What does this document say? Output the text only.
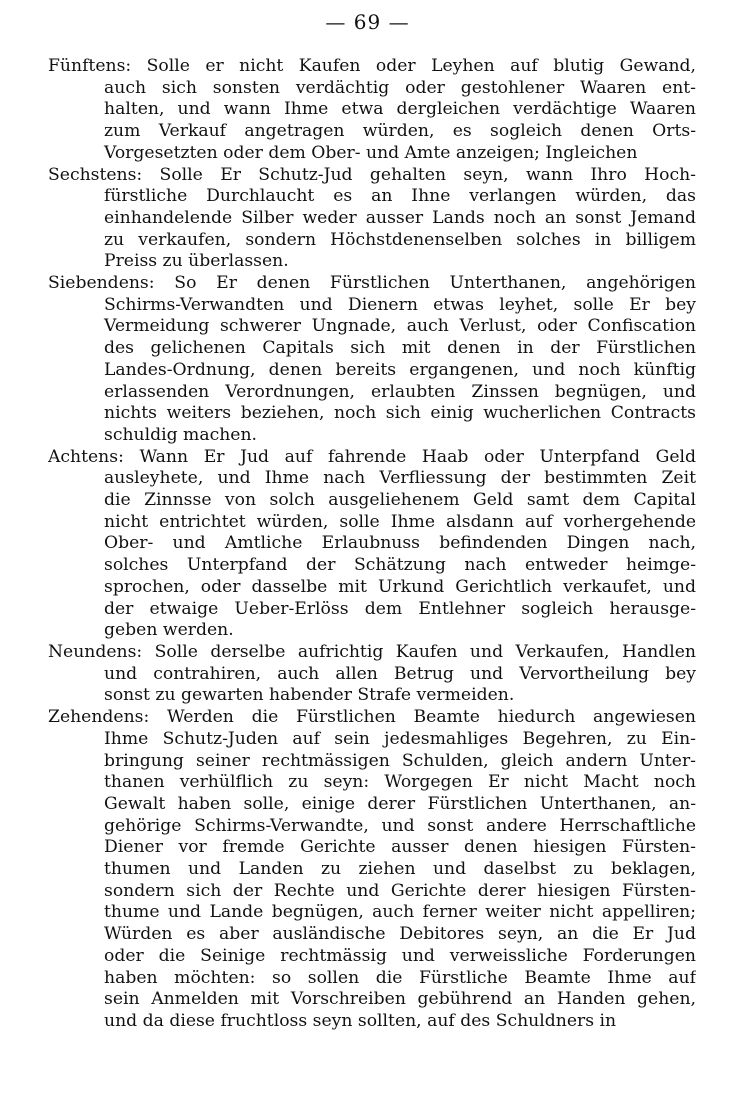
— 69 —
Fünftens: Solle er nicht Kaufen oder Leyhen auf blutig Gewand,
auch sich sonsten verdächtig oder gestohlener Waaren ent-
halten, und wann Ihme etwa dergleichen verdächtige Waaren
zum Verkauf angetragen würden, es sogleich denen Orts-
Vorgesetzten oder dem Ober- und Amte anzeigen; Ingleichen
Sechstens: Solle Er Schutz-Jud gehalten seyn, wann Ihro Hoch-
fürstliche Durchlaucht es an Ihne verlangen würden, das
einhandelende Silber weder ausser Lands noch an sonst Jemand
zu verkaufen, sondern Höchstdenenselben solches in billigem
Preiss zu überlassen.
Siebendens: So Er denen Fürstlichen Unterthanen, angehörigen
Schirms-Verwandten und Dienern etwas leyhet, solle Er bey
Vermeidung schwerer Ungnade, auch Verlust, oder Confiscation
des gelichenen Capitals sich mit denen in der Fürstlichen
Landes-Ordnung, denen bereits ergangenen, und noch künftig
erlassenden Verordnungen, erlaubten Zinssen begnügen, und
nichts weiters beziehen, noch sich einig wucherlichen Contracts
schuldig machen.
Achtens: Wann Er Jud auf fahrende Haab oder Unterpfand Geld
ausleyhete, und Ihme nach Verfliessung der bestimmten Zeit
die Zinnsse von solch ausgeliehenem Geld samt dem Capital
nicht entrichtet würden, solle Ihme alsdann auf vorhergehende
Ober- und Amtliche Erlaubnuss befindenden Dingen nach,
solches Unterpfand der Schätzung nach entweder heimge-
sprochen, oder dasselbe mit Urkund Gerichtlich verkaufet, und
der etwaige Ueber-Erlöss dem Entlehner sogleich herausge-
geben werden.
Neundens: Solle derselbe aufrichtig Kaufen und Verkaufen, Handlen
und contrahiren, auch allen Betrug und Vervortheilung bey
sonst zu gewarten habender Strafe vermeiden.
Zehendens: Werden die Fürstlichen Beamte hiedurch angewiesen
Ihme Schutz-Juden auf sein jedesmahliges Begehren, zu Ein-
bringung seiner rechtmässigen Schulden, gleich andern Unter-
thanen verhülflich zu seyn: Worgegen Er nicht Macht noch
Gewalt haben solle, einige derer Fürstlichen Unterthanen, an-
gehörige Schirms-Verwandte, und sonst andere Herrschaftliche
Diener vor fremde Gerichte ausser denen hiesigen Fürsten-
thumen und Landen zu ziehen und daselbst zu beklagen,
sondern sich der Rechte und Gerichte derer hiesigen Fürsten-
thume und Lande begnügen, auch ferner weiter nicht appelliren;
Würden es aber ausländische Debitores seyn, an die Er Jud
oder die Seinige rechtmässig und verweissliche Forderungen
haben möchten: so sollen die Fürstliche Beamte Ihme auf
sein Anmelden mit Vorschreiben gebührend an Handen gehen,
und da diese fruchtloss seyn sollten, auf des Schuldners in
